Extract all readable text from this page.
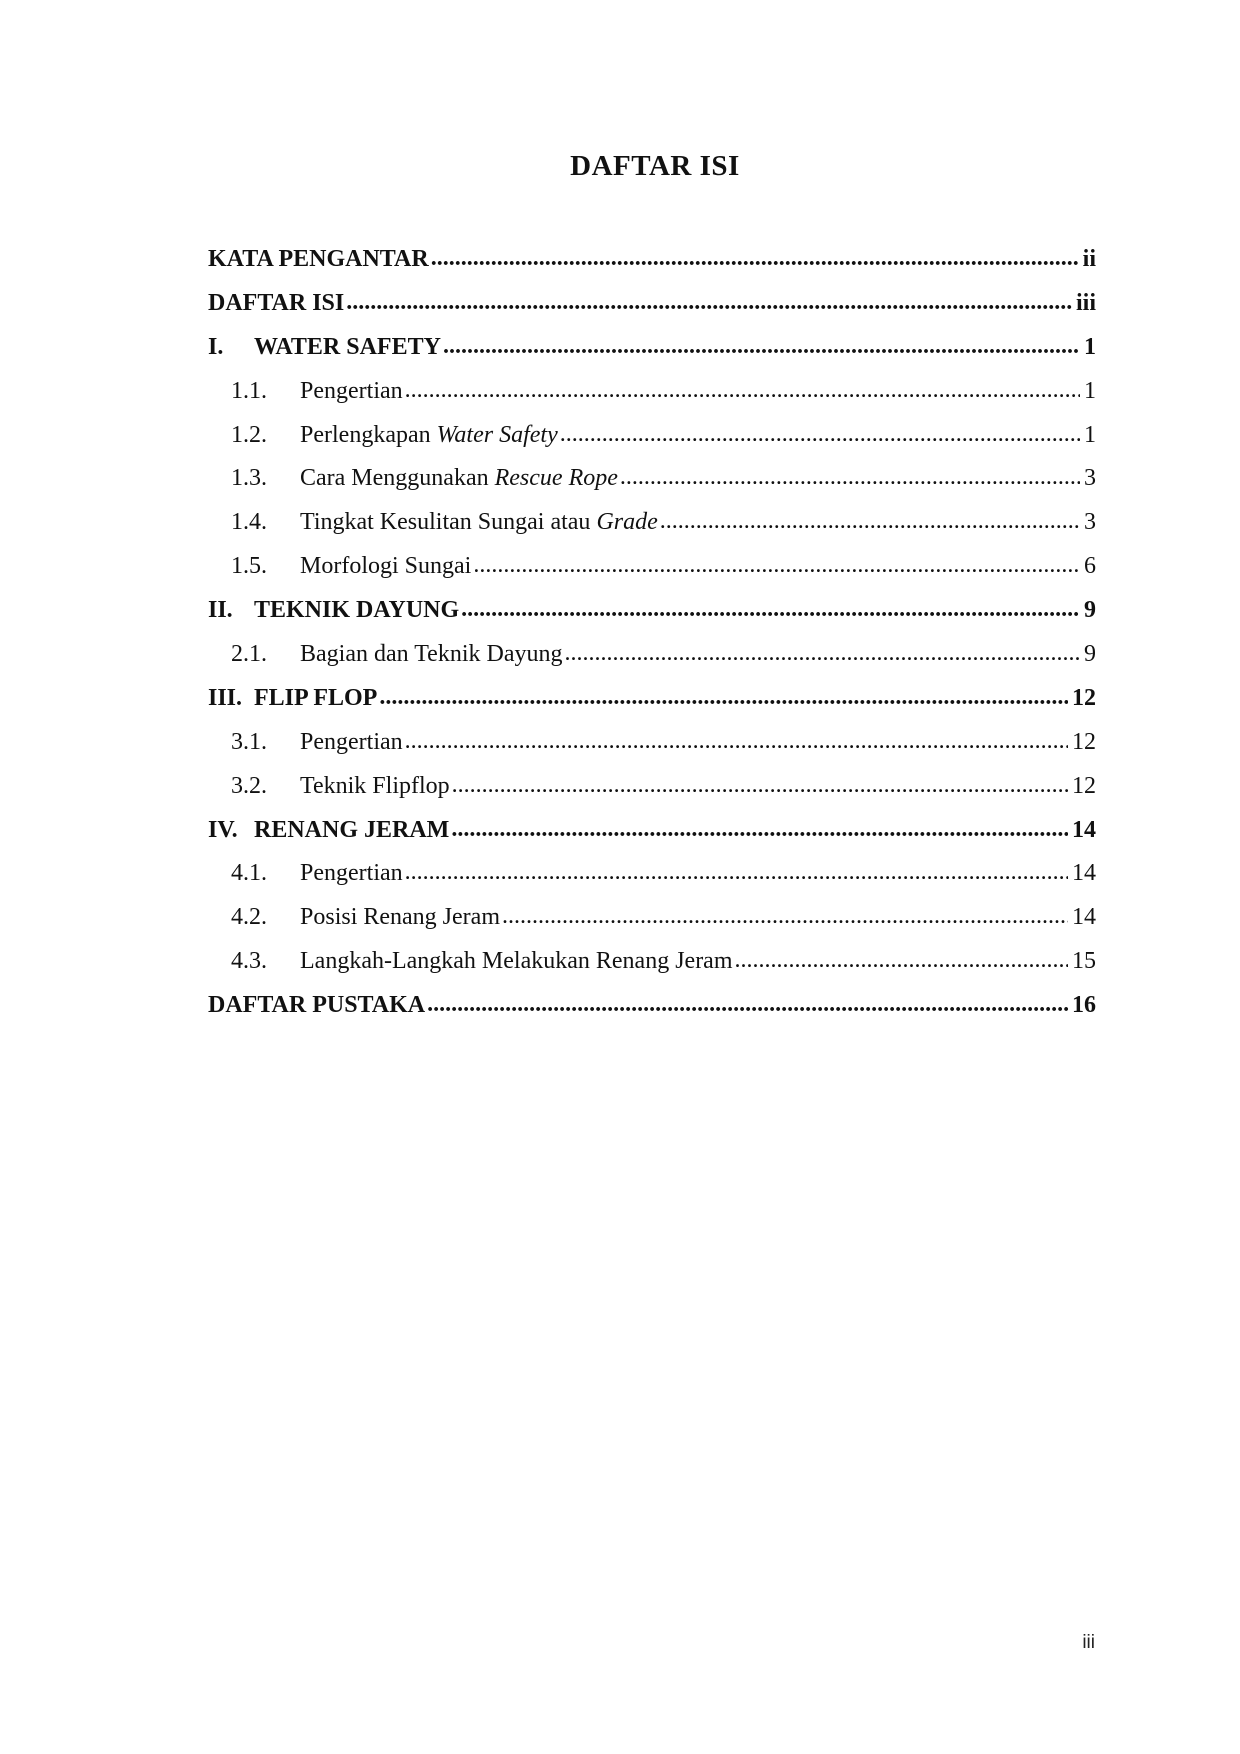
DAFTAR ISI
KATA PENGANTAR .....	ii
DAFTAR ISI .....	iii
I.	WATER SAFETY .....	1
1.1.	Pengertian .....	1
1.2.	Perlengkapan Water Safety .....	1
1.3.	Cara Menggunakan Rescue Rope .....	3
1.4.	Tingkat Kesulitan Sungai atau Grade .....	3
1.5.	Morfologi Sungai .....	6
II. TEKNIK DAYUNG .....	9
2.1.	Bagian dan Teknik Dayung .....	9
III. FLIP FLOP .....	12
3.1.	Pengertian .....	12
3.2.	Teknik Flipflop .....	12
IV. RENANG JERAM .....	14
4.1.	Pengertian .....	14
4.2.	Posisi Renang Jeram .....	14
4.3.	Langkah-Langkah Melakukan Renang Jeram .....	15
DAFTAR PUSTAKA .....	16
iii
